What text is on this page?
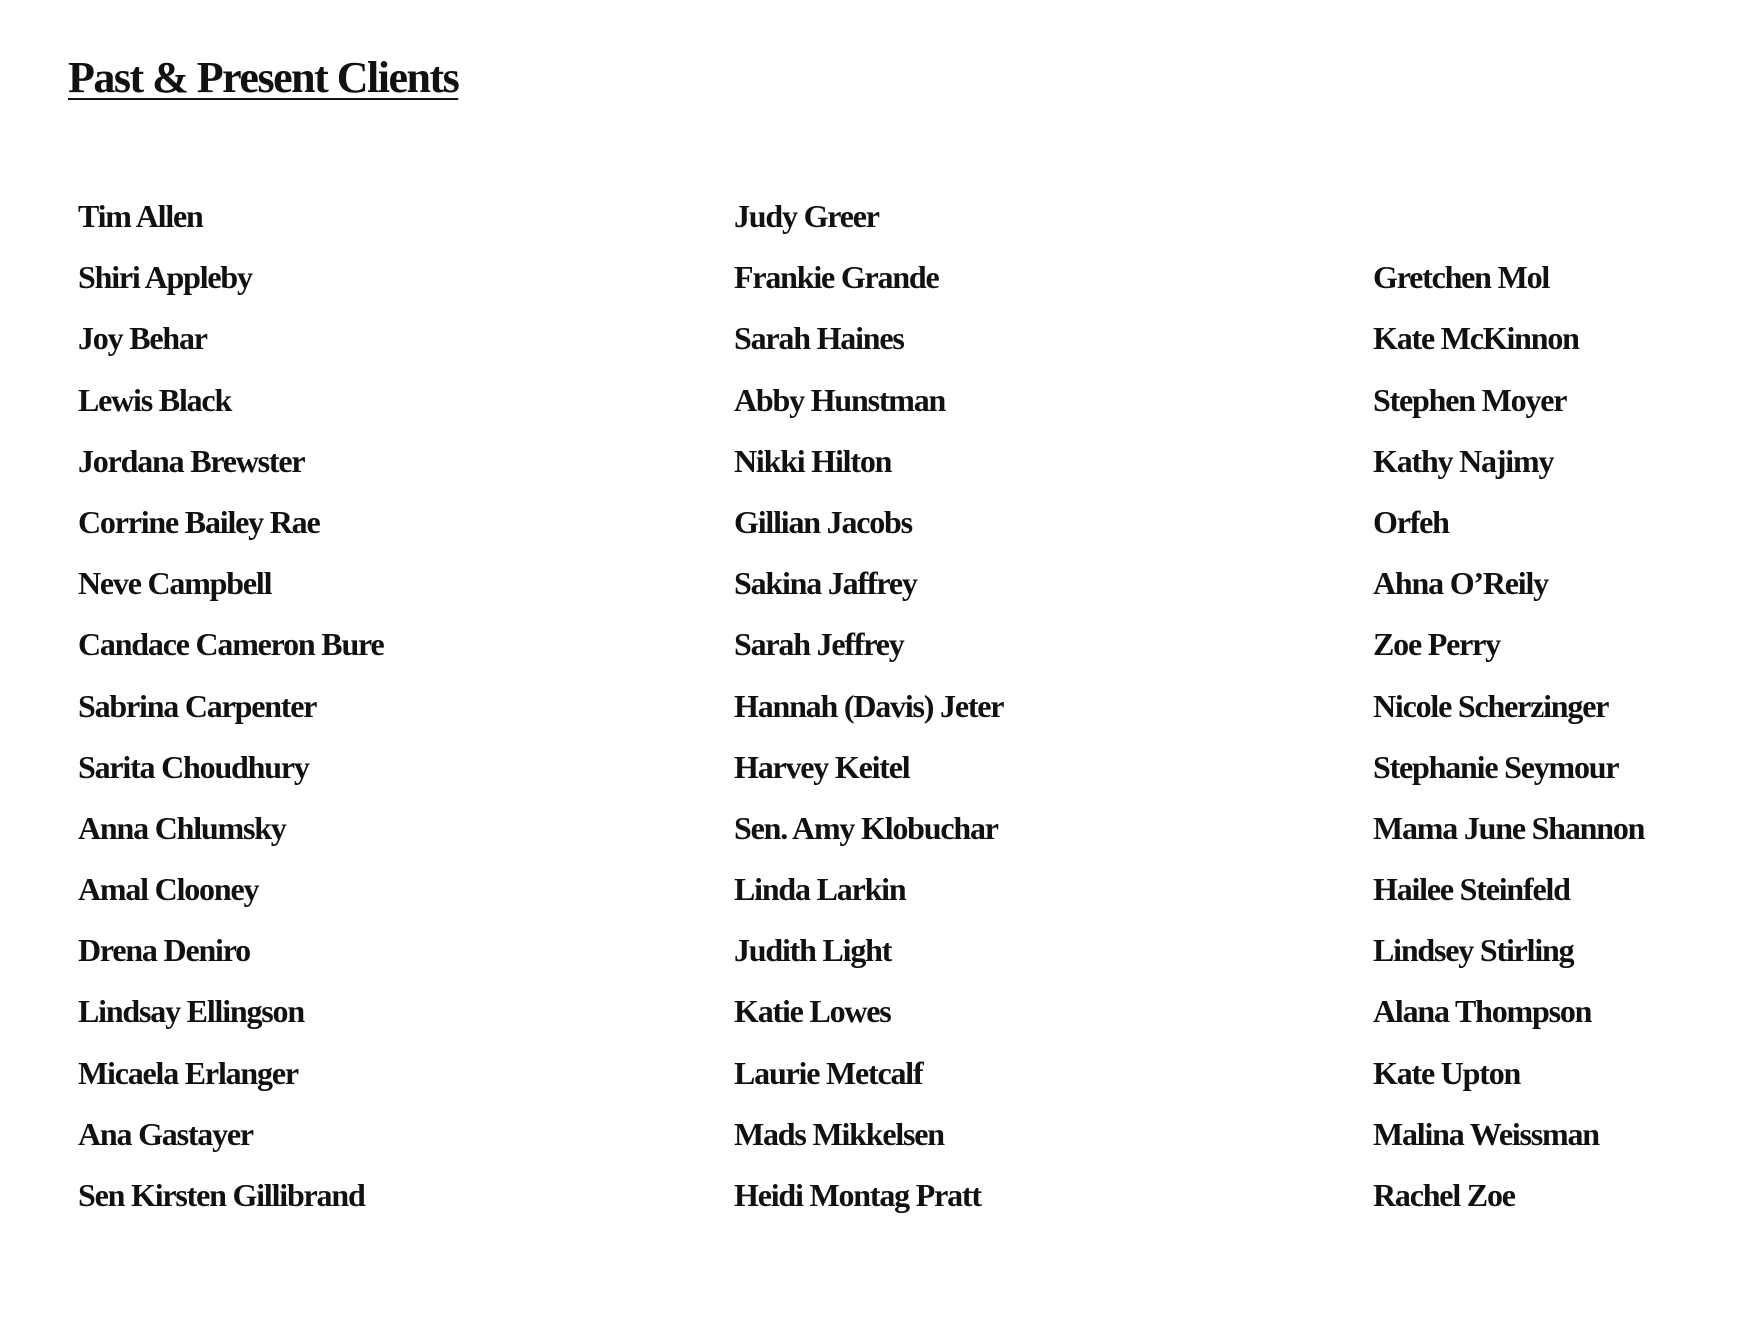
Past & Present Clients
Tim Allen
Shiri Appleby
Joy Behar
Lewis Black
Jordana Brewster
Corrine Bailey Rae
Neve Campbell
Candace Cameron Bure
Sabrina Carpenter
Sarita Choudhury
Anna Chlumsky
Amal Clooney
Drena Deniro
Lindsay Ellingson
Micaela Erlanger
Ana Gastayer
Sen Kirsten Gillibrand
Judy Greer
Frankie Grande
Sarah Haines
Abby Hunstman
Nikki Hilton
Gillian Jacobs
Sakina Jaffrey
Sarah Jeffrey
Hannah (Davis) Jeter
Harvey Keitel
Sen. Amy Klobuchar
Linda Larkin
Judith Light
Katie Lowes
Laurie Metcalf
Mads Mikkelsen
Heidi Montag Pratt
Gretchen Mol
Kate McKinnon
Stephen Moyer
Kathy Najimy
Orfeh
Ahna O’Reily
Zoe Perry
Nicole Scherzinger
Stephanie Seymour
Mama June Shannon
Hailee Steinfeld
Lindsey Stirling
Alana Thompson
Kate Upton
Malina Weissman
Rachel Zoe
